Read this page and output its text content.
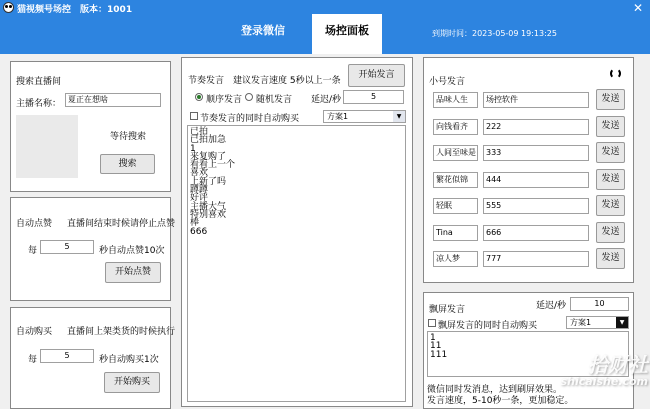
猫视频号场控　 版本：1001	✕
登录微信	场控面板	到期时间：2023-05-09 19:13:25
搜索直播间
主播名称： 夏正在想啥
等待搜索
搜索
自动点赞 直播间结束时候请停止点赞
每	5	秒自动点赞10次
开始点赞
自动购买 直播间上架类货的时候执行
每	5	秒自动购买1次
开始购买
节奏发言 建议发言速度 5秒以上一条
开始发言
顺序发言 随机发言 延迟/秒	5
节奏发言的同时自动购买	方案1	▼
已拍
已拍加急
1
来复购了
看看上一个
喜欢
上新了吗
蹲蹲
好评
主播大气
特别喜欢
棒
666
小号发言
品味人生	场控软件	发送
向钱看齐	222	发送
人间至味是	333	发送
繁花似锦	444	发送
轻眠	555	发送
Tina	666	发送
凉人梦	777	发送
飘屏发言	延迟/秒	10
飘屏发言的同时自动购买	方案1	▼
1
11
111
微信同时发消息，达到刷屏效果。
发言速度，5-10秒一条，更加稳定。
拾财社
shicaishe.com
